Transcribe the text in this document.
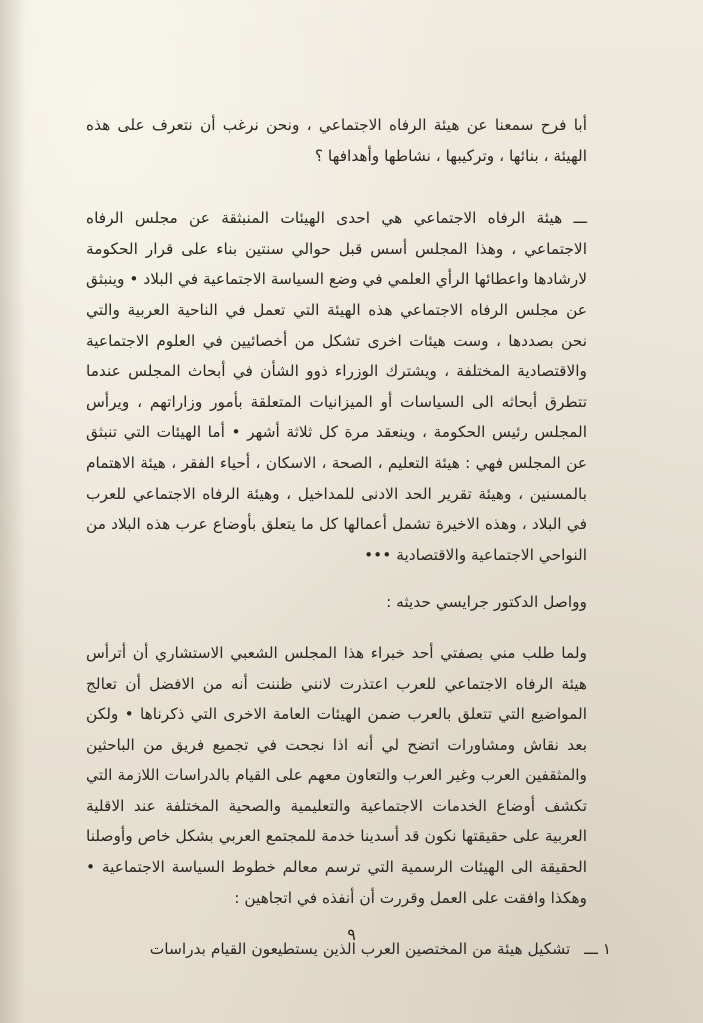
أبا فرح سمعنا عن هيئة الرفاه الاجتماعي ، ونحن نرغب أن نتعرف على هذه الهيئة ، بنائها ، وتركيبها ، نشاطها وأهدافها ؟

ـــ هيئة الرفاه الاجتماعي هي احدى الهيئات المنبثقة عن مجلس الرفاه الاجتماعي ، وهذا المجلس أسس قبل حوالي سنتين بناء على قرار الحكومة لارشادها واعطائها الرأي العلمي في وضع السياسة الاجتماعية في البلاد • وينبثق عن مجلس الرفاه الاجتماعي هذه الهيئة التي تعمل في الناحية العربية والتي نحن بصددها ، وست هيئات اخرى تشكل من أخصائيين في العلوم الاجتماعية والاقتصادية المختلفة ، ويشترك الوزراء ذوو الشأن في أبحاث المجلس عندما تتطرق أبحاثه الى السياسات أو الميزانيات المتعلقة بأمور وزاراتهم ، ويرأس المجلس رئيس الحكومة ، وينعقد مرة كل ثلاثة أشهر • أما الهيئات التي تنبثق عن المجلس فهي : هيئة التعليم ، الصحة ، الاسكان ، أحياء الفقر ، هيئة الاهتمام بالمسنين ، وهيئة تقرير الحد الادنى للمداخيل ، وهيئة الرفاه الاجتماعي للعرب في البلاد ، وهذه الاخيرة تشمل أعمالها كل ما يتعلق بأوضاع عرب هذه البلاد من النواحي الاجتماعية والاقتصادية •••

وواصل الدكتور جرايسي حديثه :

ولما طلب مني بصفتي أحد خبراء هذا المجلس الشعبي الاستشاري أن أترأس هيئة الرفاه الاجتماعي للعرب اعتذرت لانني ظننت أنه من الافضل أن تعالج المواضيع التي تتعلق بالعرب ضمن الهيئات العامة الاخرى التي ذكرناها • ولكن بعد نقاش ومشاورات اتضح لي أنه اذا نجحت في تجميع فريق من الباحثين والمثقفين العرب وغير العرب والتعاون معهم على القيام بالدراسات اللازمة التي تكشف أوضاع الخدمات الاجتماعية والتعليمية والصحية المختلفة عند الاقلية العربية على حقيقتها نكون قد أسدينا خدمة للمجتمع العربي بشكل خاص وأوصلنا الحقيقة الى الهيئات الرسمية التي ترسم معالم خطوط السياسة الاجتماعية • وهكذا وافقت على العمل وقررت أن أنفذه في اتجاهين :

١ ـــ
تشكيل هيئة من المختصين العرب الذين يستطيعون القيام بدراسات
٩
